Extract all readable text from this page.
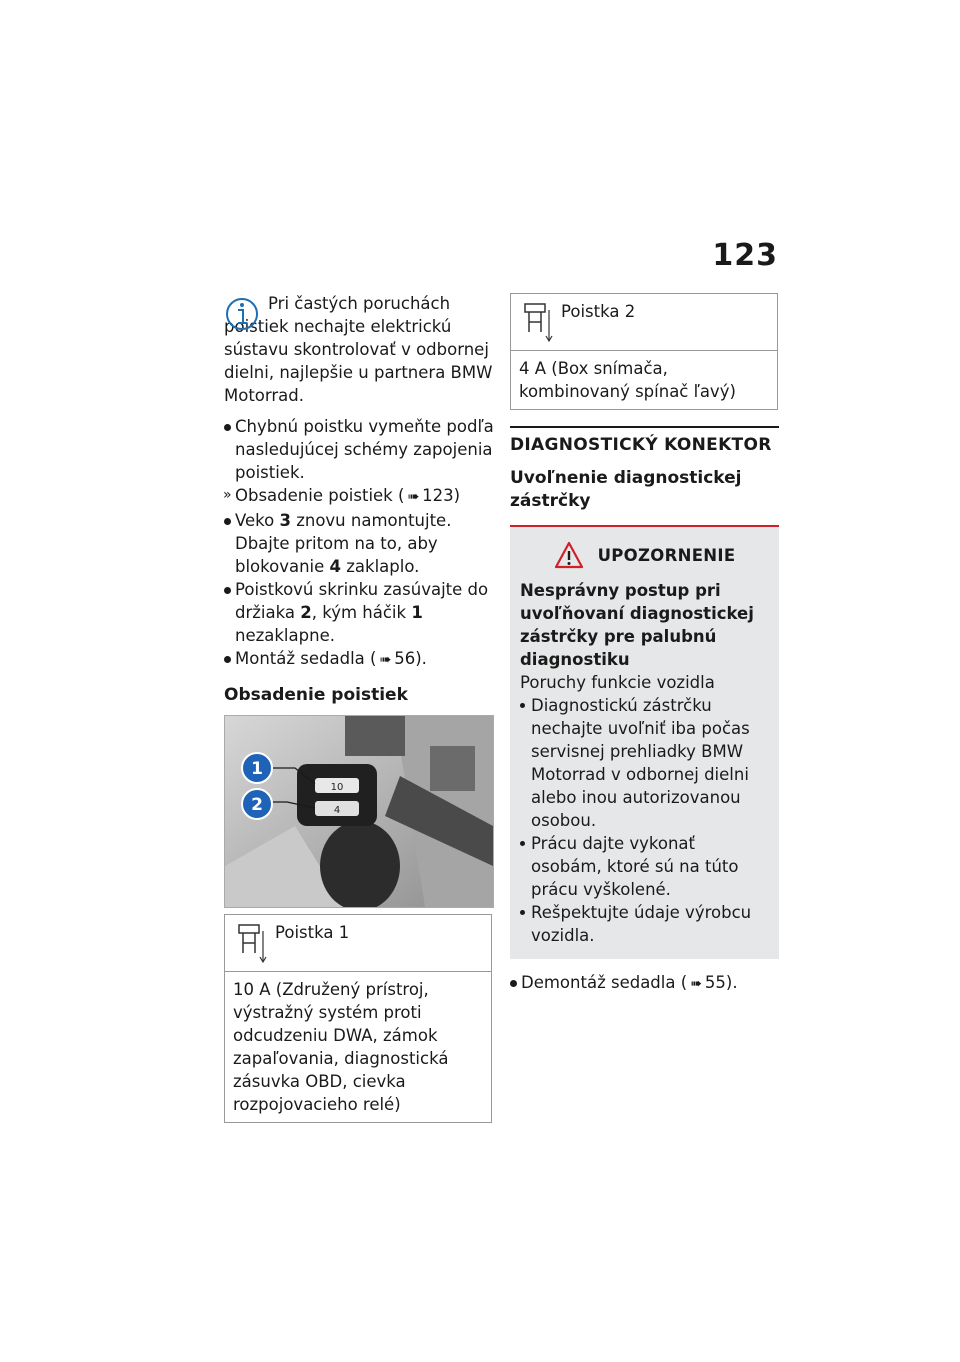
123

Pri častých poruchách poistiek nechajte elektrickú sústavu skontrolovať v odbornej dielni, najlepšie u partnera BMW Motorrad.

Chybnú poistku vymeňte podľa nasledujúcej schémy zapojenia poistiek.
» Obsadenie poistiek ( ➠ 123)
Veko 3 znovu namontujte. Dbajte pritom na to, aby blokovanie 4 zaklaplo.
Poistkovú skrinku zasúvajte do držiaka 2, kým háčik 1 nezaklapne.
Montáž sedadla ( ➠ 56).
Obsadenie poistiek
10
4
1
2
Poistka 1
10 A (Združený prístroj, výstražný systém proti odcudzeniu DWA, zámok zapaľovania, diagnostická zásuvka OBD, cievka rozpojovacieho relé)
Poistka 2
4 A (Box snímača, kombinovaný spínač ľavý)
DIAGNOSTICKÝ KONEKTOR
Uvoľnenie diagnostickej zástrčky
UPOZORNENIE
Nesprávny postup pri uvoľňovaní diagnostickej zástrčky pre palubnú diagnostiku
Poruchy funkcie vozidla
Diagnostickú zástrčku nechajte uvoľniť iba počas servisnej prehliadky BMW Motorrad v odbornej dielni alebo inou autorizovanou osobou.
Prácu dajte vykonať osobám, ktoré sú na túto prácu vyškolené.
Rešpektujte údaje výrobcu vozidla.
Demontáž sedadla ( ➠ 55).
